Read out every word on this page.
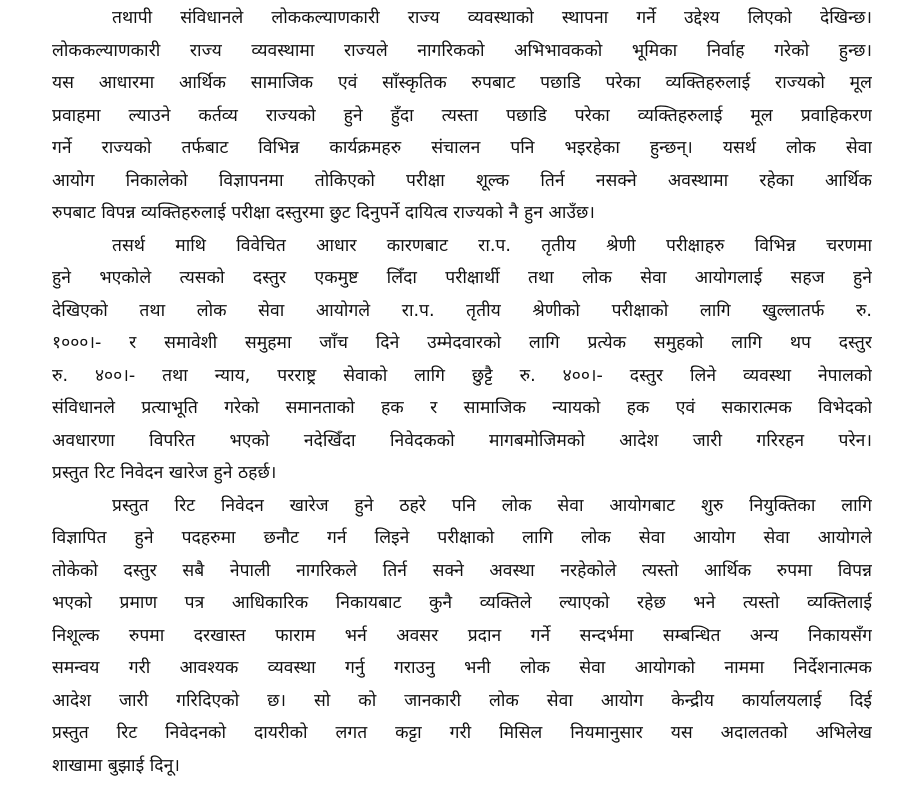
तथापी संविधानले लोककल्याणकारी राज्य व्यवस्थाको स्थापना गर्ने उद्देश्य लिएको देखिन्छ।
लोककल्याणकारी राज्य व्यवस्थामा राज्यले नागरिकको अभिभावकको भूमिका निर्वाह गरेको हुन्छ।
यस आधारमा आर्थिक सामाजिक एवं साँस्कृतिक रुपबाट पछाडि परेका व्यक्तिहरुलाई राज्यको मूल
प्रवाहमा ल्याउने कर्तव्य राज्यको हुने हुँदा त्यस्ता पछाडि परेका व्यक्तिहरुलाई मूल प्रवाहिकरण
गर्ने राज्यको तर्फबाट विभिन्न कार्यक्रमहरु संचालन पनि भइरहेका हुन्छन्। यसर्थ लोक सेवा
आयोग निकालेको विज्ञापनमा तोकिएको परीक्षा शूल्क तिर्न नसक्ने अवस्थामा रहेका आर्थिक
रुपबाट विपन्न व्यक्तिहरुलाई परीक्षा दस्तुरमा छुट दिनुपर्ने दायित्व राज्यको नै हुन आउँछ।
तसर्थ माथि विवेचित आधार कारणबाट रा.प. तृतीय श्रेणी परीक्षाहरु विभिन्न चरणमा
हुने भएकोले त्यसको दस्तुर एकमुष्ट लिँदा परीक्षार्थी तथा लोक सेवा आयोगलाई सहज हुने
देखिएको तथा लोक सेवा आयोगले रा.प. तृतीय श्रेणीको परीक्षाको लागि खुल्लातर्फ रु.
१०००।- र समावेशी समुहमा जाँच दिने उम्मेदवारको लागि प्रत्येक समुहको लागि थप दस्तुर
रु. ४००।- तथा न्याय, परराष्ट्र सेवाको लागि छुट्टै रु. ४००।- दस्तुर लिने व्यवस्था नेपालको
संविधानले प्रत्याभूति गरेको समानताको हक र सामाजिक न्यायको हक एवं सकारात्मक विभेदको
अवधारणा विपरित भएको नदेखिँदा निवेदकको मागबमोजिमको आदेश जारी गरिरहन परेन।
प्रस्तुत रिट निवेदन खारेज हुने ठहर्छ।
प्रस्तुत रिट निवेदन खारेज हुने ठहरे पनि लोक सेवा आयोगबाट शुरु नियुक्तिका लागि
विज्ञापित हुने पदहरुमा छनौट गर्न लिइने परीक्षाको लागि लोक सेवा आयोग सेवा आयोगले
तोकेको दस्तुर सबै नेपाली नागरिकले तिर्न सक्ने अवस्था नरहेकोले त्यस्तो आर्थिक रुपमा विपन्न
भएको प्रमाण पत्र आधिकारिक निकायबाट कुनै व्यक्तिले ल्याएको रहेछ भने त्यस्तो व्यक्तिलाई
निशूल्क रुपमा दरखास्त फाराम भर्न अवसर प्रदान गर्ने सन्दर्भमा सम्बन्धित अन्य निकायसँग
समन्वय गरी आवश्यक व्यवस्था गर्नु गराउनु भनी लोक सेवा आयोगको नाममा निर्देशनात्मक
आदेश जारी गरिदिएको छ। सो को जानकारी लोक सेवा आयोग केन्द्रीय कार्यालयलाई दिई
प्रस्तुत रिट निवेदनको दायरीको लगत कट्टा गरी मिसिल नियमानुसार यस अदालतको अभिलेख
शाखामा बुझाई दिनू।
